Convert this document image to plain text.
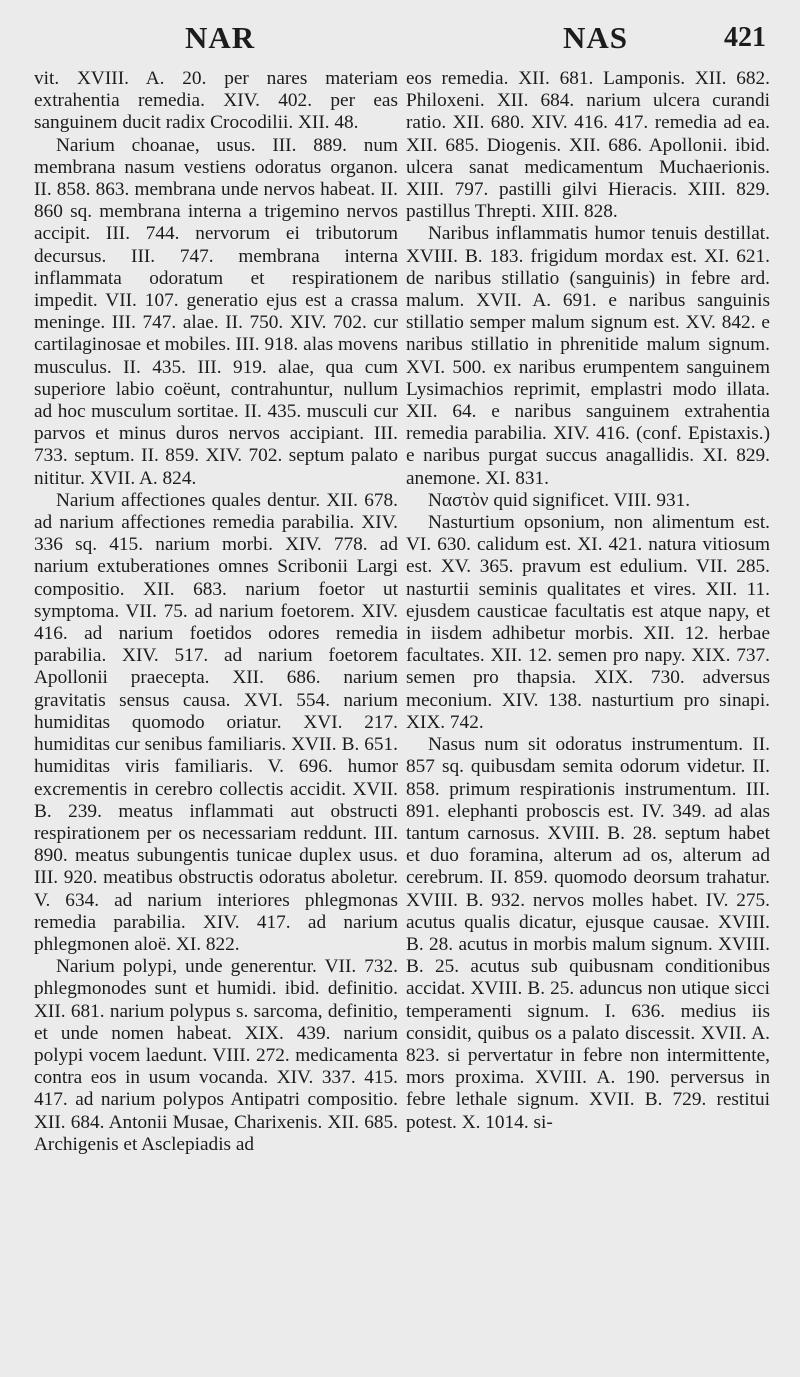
NAR	NAS	421

vit. XVIII. A. 20. per nares materiam extrahentia remedia. XIV. 402. per eas sanguinem ducit radix Crocodilii. XII. 48.

Narium choanae, usus. III. 889. num membrana nasum vestiens odoratus organon. II. 858. 863. membrana unde nervos habeat. II. 860 sq. membrana interna a trigemino nervos accipit. III. 744. nervorum ei tributorum decursus. III. 747. membrana interna inflammata odoratum et respirationem impedit. VII. 107. generatio ejus est a crassa meninge. III. 747. alae. II. 750. XIV. 702. cur cartilaginosae et mobiles. III. 918. alas movens musculus. II. 435. III. 919. alae, qua cum superiore labio coëunt, contrahuntur, nullum ad hoc musculum sortitae. II. 435. musculi cur parvos et minus duros nervos accipiant. III. 733. septum. II. 859. XIV. 702. septum palato nititur. XVII. A. 824.

Narium affectiones quales dentur. XII. 678. ad narium affectiones remedia parabilia. XIV. 336 sq. 415. narium morbi. XIV. 778. ad narium extuberationes omnes Scribonii Largi compositio. XII. 683. narium foetor ut symptoma. VII. 75. ad narium foetorem. XIV. 416. ad narium foetidos odores remedia parabilia. XIV. 517. ad narium foetorem Apollonii praecepta. XII. 686. narium gravitatis sensus causa. XVI. 554. narium humiditas quomodo oriatur. XVI. 217. humiditas cur senibus familiaris. XVII. B. 651. humiditas viris familiaris. V. 696. humor excrementis in cerebro collectis accidit. XVII. B. 239. meatus inflammati aut obstructi respirationem per os necessariam reddunt. III. 890. meatus subungentis tunicae duplex usus. III. 920. meatibus obstructis odoratus aboletur. V. 634. ad narium interiores phlegmonas remedia parabilia. XIV. 417. ad narium phlegmonen aloë. XI. 822.

Narium polypi, unde generentur. VII. 732. phlegmonodes sunt et humidi. ibid. definitio. XII. 681. narium polypus s. sarcoma, definitio, et unde nomen habeat. XIX. 439. narium polypi vocem laedunt. VIII. 272. medicamenta contra eos in usum vocanda. XIV. 337. 415. 417. ad narium polypos Antipatri compositio. XII. 684. Antonii Musae, Charixenis. XII. 685. Archigenis et Asclepiadis ad

eos remedia. XII. 681. Lamponis. XII. 682. Philoxeni. XII. 684. narium ulcera curandi ratio. XII. 680. XIV. 416. 417. remedia ad ea. XII. 685. Diogenis. XII. 686. Apollonii. ibid. ulcera sanat medicamentum Muchaerionis. XIII. 797. pastilli gilvi Hieracis. XIII. 829. pastillus Threpti. XIII. 828.

Naribus inflammatis humor tenuis destillat. XVIII. B. 183. frigidum mordax est. XI. 621. de naribus stillatio (sanguinis) in febre ard. malum. XVII. A. 691. e naribus sanguinis stillatio semper malum signum est. XV. 842. e naribus stillatio in phrenitide malum signum. XVI. 500. ex naribus erumpentem sanguinem Lysimachios reprimit, emplastri modo illata. XII. 64. e naribus sanguinem extrahentia remedia parabilia. XIV. 416. (conf. Epistaxis.) e naribus purgat succus anagallidis. XI. 829. anemone. XI. 831.

Ναστὸν quid significet. VIII. 931.

Nasturtium opsonium, non alimentum est. VI. 630. calidum est. XI. 421. natura vitiosum est. XV. 365. pravum est edulium. VII. 285. nasturtii seminis qualitates et vires. XII. 11. ejusdem causticae facultatis est atque napy, et in iisdem adhibetur morbis. XII. 12. herbae facultates. XII. 12. semen pro napy. XIX. 737. semen pro thapsia. XIX. 730. adversus meconium. XIV. 138. nasturtium pro sinapi. XIX. 742.

Nasus num sit odoratus instrumentum. II. 857 sq. quibusdam semita odorum videtur. II. 858. primum respirationis instrumentum. III. 891. elephanti proboscis est. IV. 349. ad alas tantum carnosus. XVIII. B. 28. septum habet et duo foramina, alterum ad os, alterum ad cerebrum. II. 859. quomodo deorsum trahatur. XVIII. B. 932. nervos molles habet. IV. 275. acutus qualis dicatur, ejusque causae. XVIII. B. 28. acutus in morbis malum signum. XVIII. B. 25. acutus sub quibusnam conditionibus accidat. XVIII. B. 25. aduncus non utique sicci temperamenti signum. I. 636. medius iis considit, quibus os a palato discessit. XVII. A. 823. si pervertatur in febre non intermittente, mors proxima. XVIII. A. 190. perversus in febre lethale signum. XVII. B. 729. restitui potest. X. 1014. si-
